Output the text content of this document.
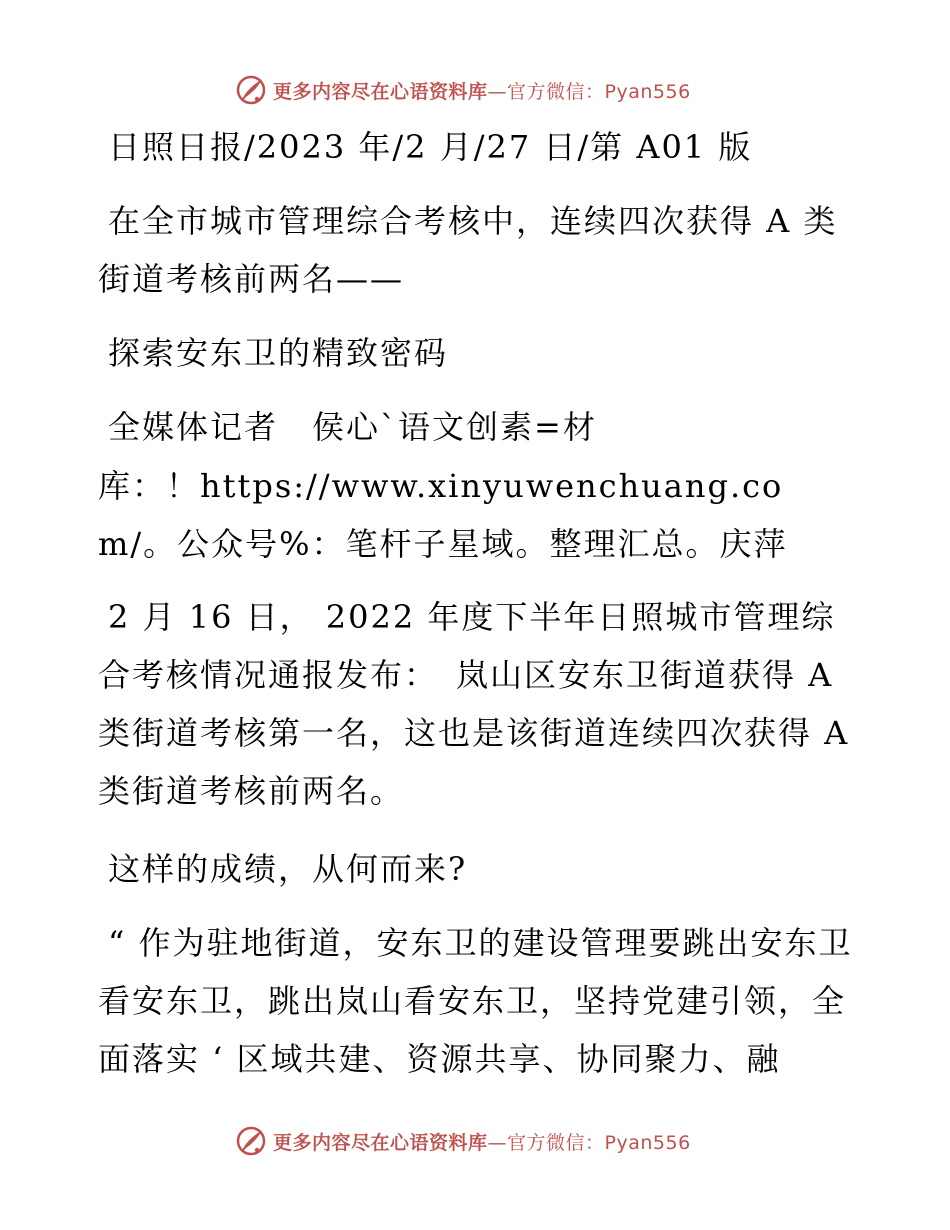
更多内容尽在心语资料库—官方微信：Pyan556

日照日报/2023 年/2 月/27 日/第 A01 版

在全市城市管理综合考核中，连续四次获得 A 类街道考核前两名——

探索安东卫的精致密码

全媒体记者　侯心`语文创素=材

库：！https://www.xinyuwenchuang.com/。公众号%：笔杆子星域。整理汇总。庆萍

2 月 16 日， 2022 年度下半年日照城市管理综合考核情况通报发布：　岚山区安东卫街道获得 A 类街道考核第一名，这也是该街道连续四次获得 A 类街道考核前两名。

这样的成绩，从何而来?

“ 作为驻地街道，安东卫的建设管理要跳出安东卫看安东卫，跳出岚山看安东卫，坚持党建引领，全面落实 ‘ 区域共建、资源共享、协同聚力、融

更多内容尽在心语资料库—官方微信：Pyan556
